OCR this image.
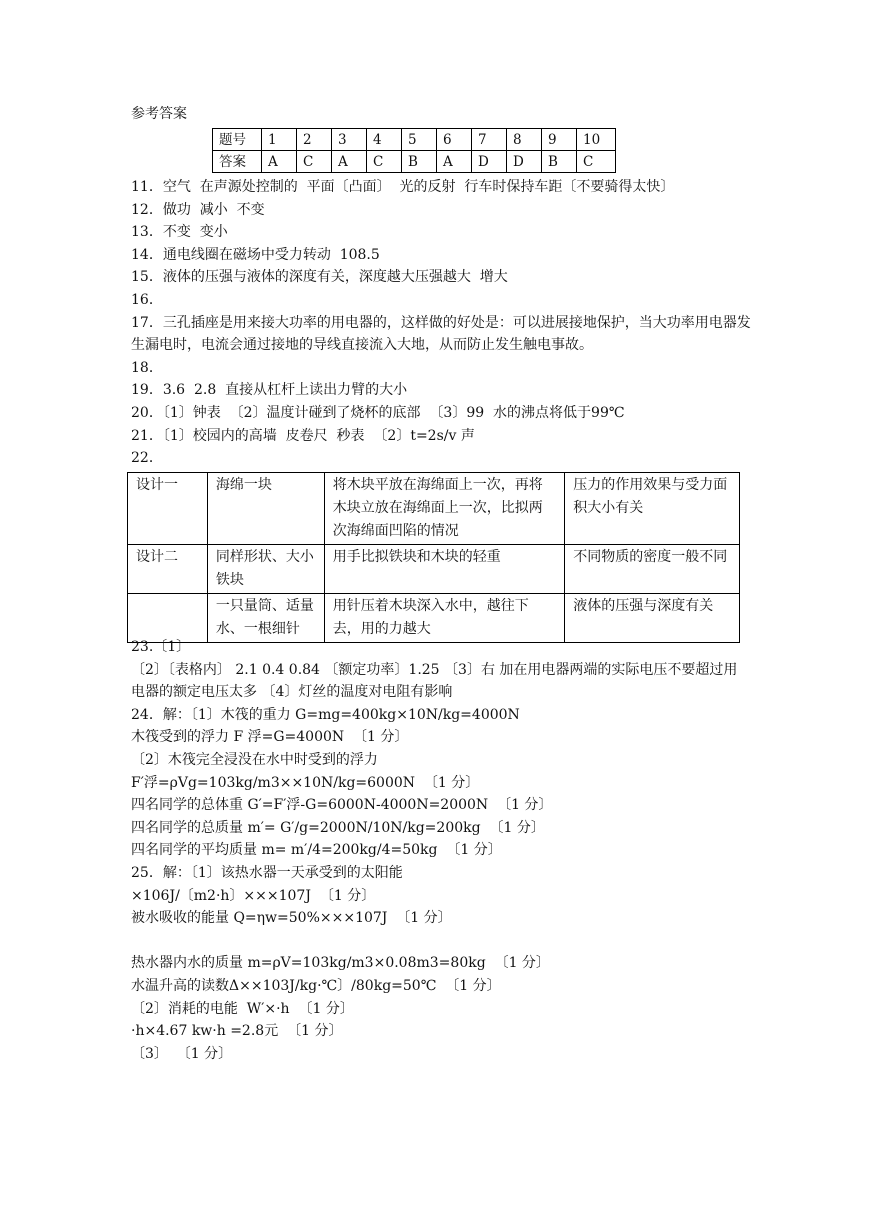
参考答案
题号	1	2	3	4	5	6	7	8	9	10
答案	A	C	A	C	B	A	D	D	B	C
11．空气  在声源处控制的  平面〔凸面〕  光的反射  行车时保持车距〔不要骑得太快〕
12．做功  减小  不变
13．不变  变小
14．通电线圈在磁场中受力转动  108.5
15．液体的压强与液体的深度有关，深度越大压强越大  增大
16．
17．三孔插座是用来接大功率的用电器的，这样做的好处是：可以进展接地保护，当大功率用电器发生漏电时，电流会通过接地的导线直接流入大地，从而防止发生触电事故。
18．
19．3.6  2.8  直接从杠杆上读出力臂的大小
20．〔1〕钟表  〔2〕温度计碰到了烧杯的底部  〔3〕99  水的沸点将低于99℃
21．〔1〕校园内的高墙  皮卷尺  秒表  〔2〕t=2s/v 声
22．
设计一	海绵一块	将木块平放在海绵面上一次，再将木块立放在海绵面上一次，比拟两次海绵面凹陷的情况	压力的作用效果与受力面积大小有关
设计二	同样形状、大小铁块	用手比拟铁块和木块的轻重	不同物质的密度一般不同
	一只量筒、适量水、一根细针	用针压着木块深入水中，越往下去，用的力越大	液体的压强与深度有关
23.〔1〕
〔2〕〔表格内〕 2.1 0.4 0.84 〔额定功率〕1.25 〔3〕右 加在用电器两端的实际电压不要超过用电器的额定电压太多 〔4〕灯丝的温度对电阻有影响
24．解：〔1〕木筏的重力 G=mg=400kg×10N/kg=4000N
木筏受到的浮力 F 浮=G=4000N  〔1 分〕
〔2〕木筏完全浸没在水中时受到的浮力
F′浮=ρVg=103kg/m3××10N/kg=6000N  〔1 分〕
四名同学的总体重 G′=F′浮-G=6000N-4000N=2000N  〔1 分〕
四名同学的总质量 m′= G′/g=2000N/10N/kg=200kg  〔1 分〕
四名同学的平均质量 m= m′/4=200kg/4=50kg  〔1 分〕
25．解：〔1〕该热水器一天承受到的太阳能
×106J/〔m2·h〕×××107J  〔1 分〕
被水吸收的能量 Q=ηw=50%×××107J  〔1 分〕

热水器内水的质量 m=ρV=103kg/m3×0.08m3=80kg  〔1 分〕
水温升高的读数Δ××103J/kg·℃〕/80kg=50℃  〔1 分〕
〔2〕消耗的电能  W′×·h  〔1 分〕
·h×4.67 kw·h =2.8元  〔1 分〕
〔3〕  〔1 分〕
